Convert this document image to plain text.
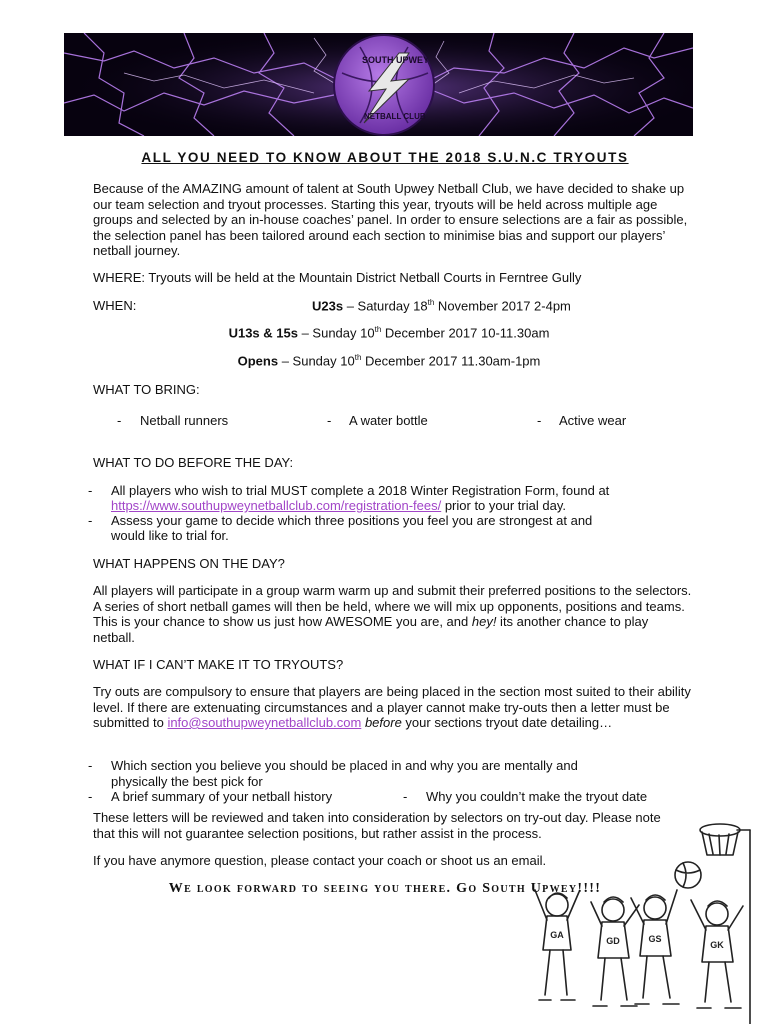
SOUTH UPWEY
NETBALL CLUB
ALL YOU NEED TO KNOW ABOUT THE 2018 S.U.N.C TRYOUTS

Because of the AMAZING amount of talent at South Upwey Netball Club, we have decided to shake up our team selection and tryout processes. Starting this year, tryouts will be held across multiple age groups and selected by an in-house coaches’ panel. In order to ensure selections are a fair as possible, the selection panel has been tailored around each section to minimise bias and support our players’ netball journey.

WHERE: Tryouts will be held at the Mountain District Netball Courts in Ferntree Gully

WHEN:	U23s – Saturday 18th November 2017 2-4pm
U13s & 15s – Sunday 10th December 2017 10-11.30am
Opens – Sunday 10th December 2017 11.30am-1pm

WHAT TO BRING:

- Netball runners	- A water bottle	- Active wear

WHAT TO DO BEFORE THE DAY:

- All players who wish to trial MUST complete a 2018 Winter Registration Form, found at
https://www.southupweynetballclub.com/registration-fees/ prior to your trial day.
- Assess your game to decide which three positions you feel you are strongest at and
would like to trial for.

WHAT HAPPENS ON THE DAY?

All players will participate in a group warm warm up and submit their preferred positions to the selectors. A series of short netball games will then be held, where we will mix up opponents, positions and teams. This is your chance to show us just how AWESOME you are, and hey! its another chance to play netball.

WHAT IF I CAN’T MAKE IT TO TRYOUTS?

Try outs are compulsory to ensure that players are being placed in the section most suited to their ability level. If there are extenuating circumstances and a player cannot make try-outs then a letter must be submitted to info@southupweynetballclub.com before your sections tryout date detailing…

- Which section you believe you should be placed in and why you are mentally and
physically the best pick for
- A brief summary of your netball history	- Why you couldn’t make the tryout date

These letters will be reviewed and taken into consideration by selectors on try-out day. Please note that this will not guarantee selection positions, but rather assist in the process.

If you have anymore question, please contact your coach or shoot us an email.

We look forward to seeing you there. Go South Upwey!!!!
GA
GD	GS
GK
